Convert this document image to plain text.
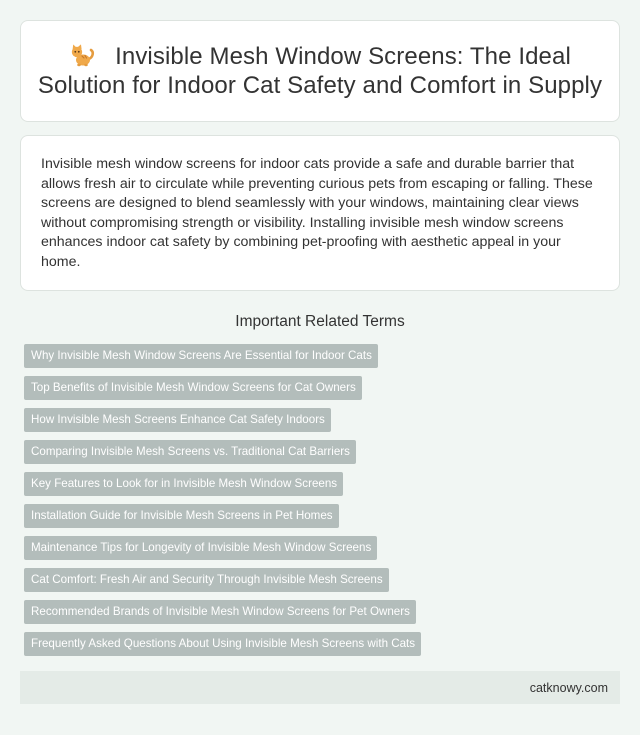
Invisible Mesh Window Screens: The Ideal Solution for Indoor Cat Safety and Comfort in Supply

Invisible mesh window screens for indoor cats provide a safe and durable barrier that allows fresh air to circulate while preventing curious pets from escaping or falling. These screens are designed to blend seamlessly with your windows, maintaining clear views without compromising strength or visibility. Installing invisible mesh window screens enhances indoor cat safety by combining pet-proofing with aesthetic appeal in your home.

Important Related Terms
Why Invisible Mesh Window Screens Are Essential for Indoor Cats
Top Benefits of Invisible Mesh Window Screens for Cat Owners
How Invisible Mesh Screens Enhance Cat Safety Indoors
Comparing Invisible Mesh Screens vs. Traditional Cat Barriers
Key Features to Look for in Invisible Mesh Window Screens
Installation Guide for Invisible Mesh Screens in Pet Homes
Maintenance Tips for Longevity of Invisible Mesh Window Screens
Cat Comfort: Fresh Air and Security Through Invisible Mesh Screens
Recommended Brands of Invisible Mesh Window Screens for Pet Owners
Frequently Asked Questions About Using Invisible Mesh Screens with Cats
catknowy.com
